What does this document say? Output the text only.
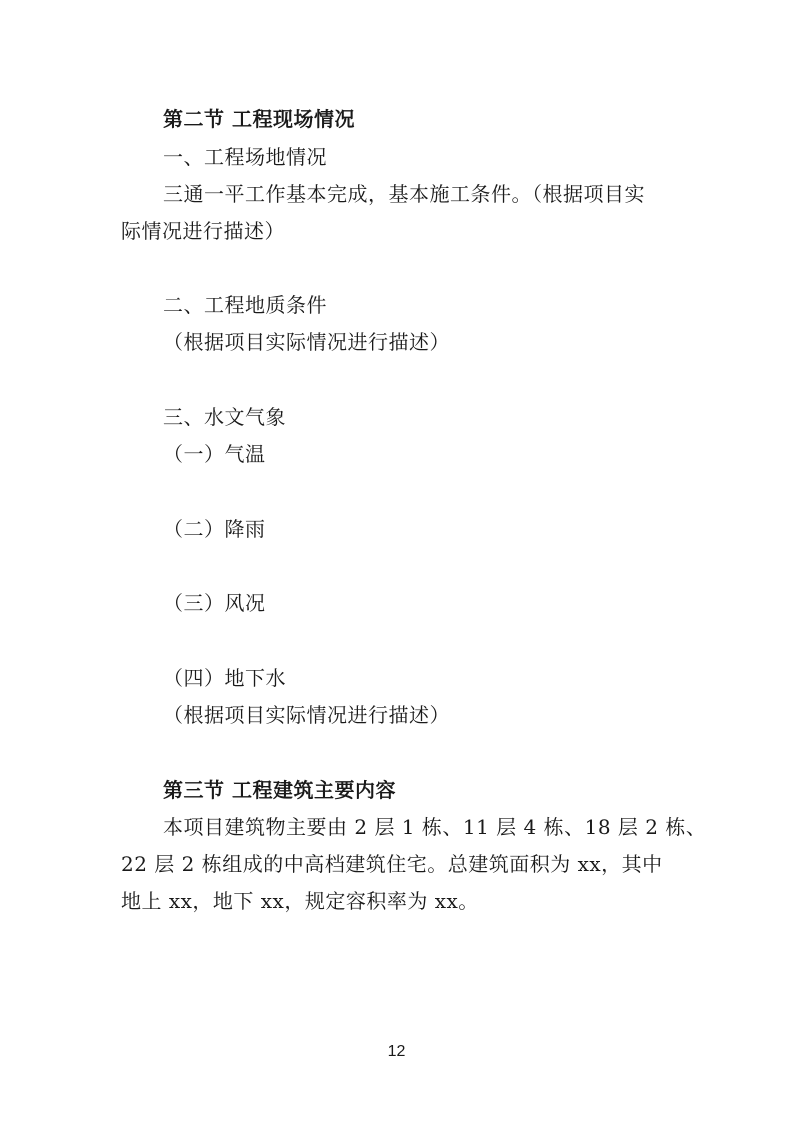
第二节 工程现场情况
一、工程场地情况
三通一平工作基本完成，基本施工条件。（根据项目实
际情况进行描述）
二、工程地质条件
（根据项目实际情况进行描述）
三、水文气象
（一）气温
（二）降雨
（三）风况
（四）地下水
（根据项目实际情况进行描述）
第三节 工程建筑主要内容
本项目建筑物主要由 2 层 1 栋、11 层 4 栋、18 层 2 栋、
22 层 2 栋组成的中高档建筑住宅。总建筑面积为 xx，其中
地上 xx，地下 xx，规定容积率为 xx。
12
